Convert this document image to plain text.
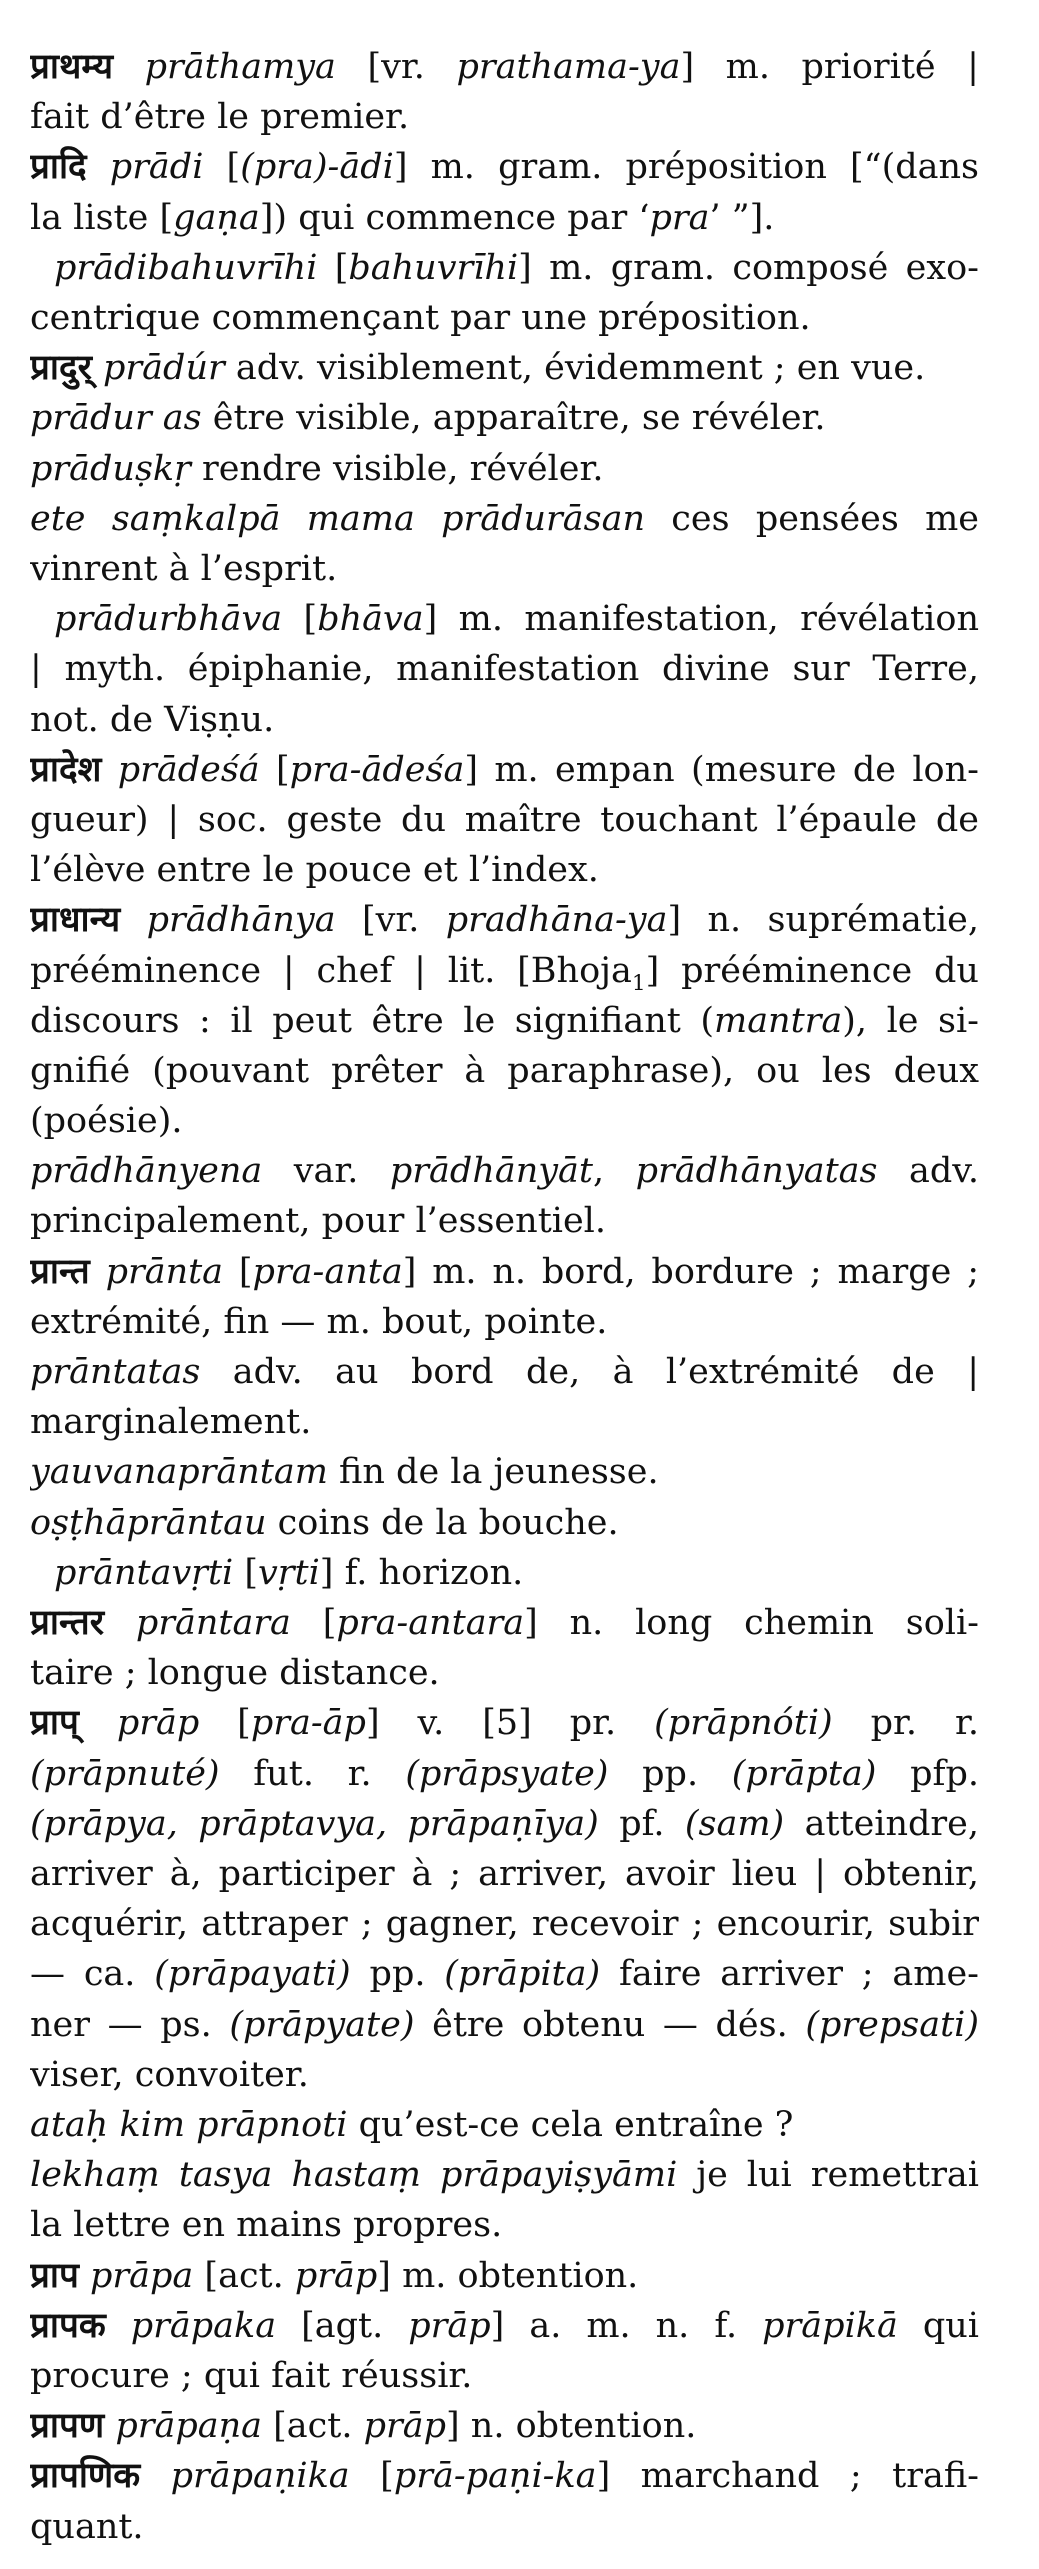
प्राथम्य prāthamya [vr. prathama-ya] m. priorité |
fait d’être le premier.
प्रादि prādi [(pra)-ādi] m. gram. préposition [“(dans
la liste [gaṇa]) qui commence par ‘pra’ ”].
prādibahuvrīhi [bahuvrīhi] m. gram. composé exo-
centrique commençant par une préposition.
प्रादुर् prādúr adv. visiblement, évidemment ; en vue.
prādur as être visible, apparaître, se révéler.
prāduṣkṛ rendre visible, révéler.
ete saṃkalpā mama prādurāsan ces pensées me
vinrent à l’esprit.
prādurbhāva [bhāva] m. manifestation, révélation
| myth. épiphanie, manifestation divine sur Terre,
not. de Viṣṇu.
प्रादेश prādeśá [pra-ādeśa] m. empan (mesure de lon-
gueur) | soc. geste du maître touchant l’épaule de
l’élève entre le pouce et l’index.
प्राधान्य prādhānya [vr. pradhāna-ya] n. suprématie,
prééminence | chef | lit. [Bhoja$_1$] prééminence du
discours : il peut être le signifiant (mantra), le si-
gnifié (pouvant prêter à paraphrase), ou les deux
(poésie).
prādhānyena var. prādhānyāt, prādhānyatas adv.
principalement, pour l’essentiel.
प्रान्त prānta [pra-anta] m. n. bord, bordure ; marge ;
extrémité, fin — m. bout, pointe.
prāntatas adv. au bord de, à l’extrémité de |
marginalement.
yauvanaprāntam fin de la jeunesse.
oṣṭhāprāntau coins de la bouche.
prāntavṛti [vṛti] f. horizon.
प्रान्तर prāntara [pra-antara] n. long chemin soli-
taire ; longue distance.
प्राप् prāp [pra-āp] v. [5] pr. (prāpnóti) pr. r.
(prāpnuté) fut. r. (prāpsyate) pp. (prāpta) pfp.
(prāpya, prāptavya, prāpaṇīya) pf. (sam) atteindre,
arriver à, participer à ; arriver, avoir lieu | obtenir,
acquérir, attraper ; gagner, recevoir ; encourir, subir
— ca. (prāpayati) pp. (prāpita) faire arriver ; ame-
ner — ps. (prāpyate) être obtenu — dés. (prepsati)
viser, convoiter.
ataḥ kim prāpnoti qu’est-ce cela entraîne ?
lekhaṃ tasya hastaṃ prāpayiṣyāmi je lui remettrai
la lettre en mains propres.
प्राप prāpa [act. prāp] m. obtention.
प्रापक prāpaka [agt. prāp] a. m. n. f. prāpikā qui
procure ; qui fait réussir.
प्रापण prāpaṇa [act. prāp] n. obtention.
प्रापणिक prāpaṇika [prā-paṇi-ka] marchand ; trafi-
quant.
